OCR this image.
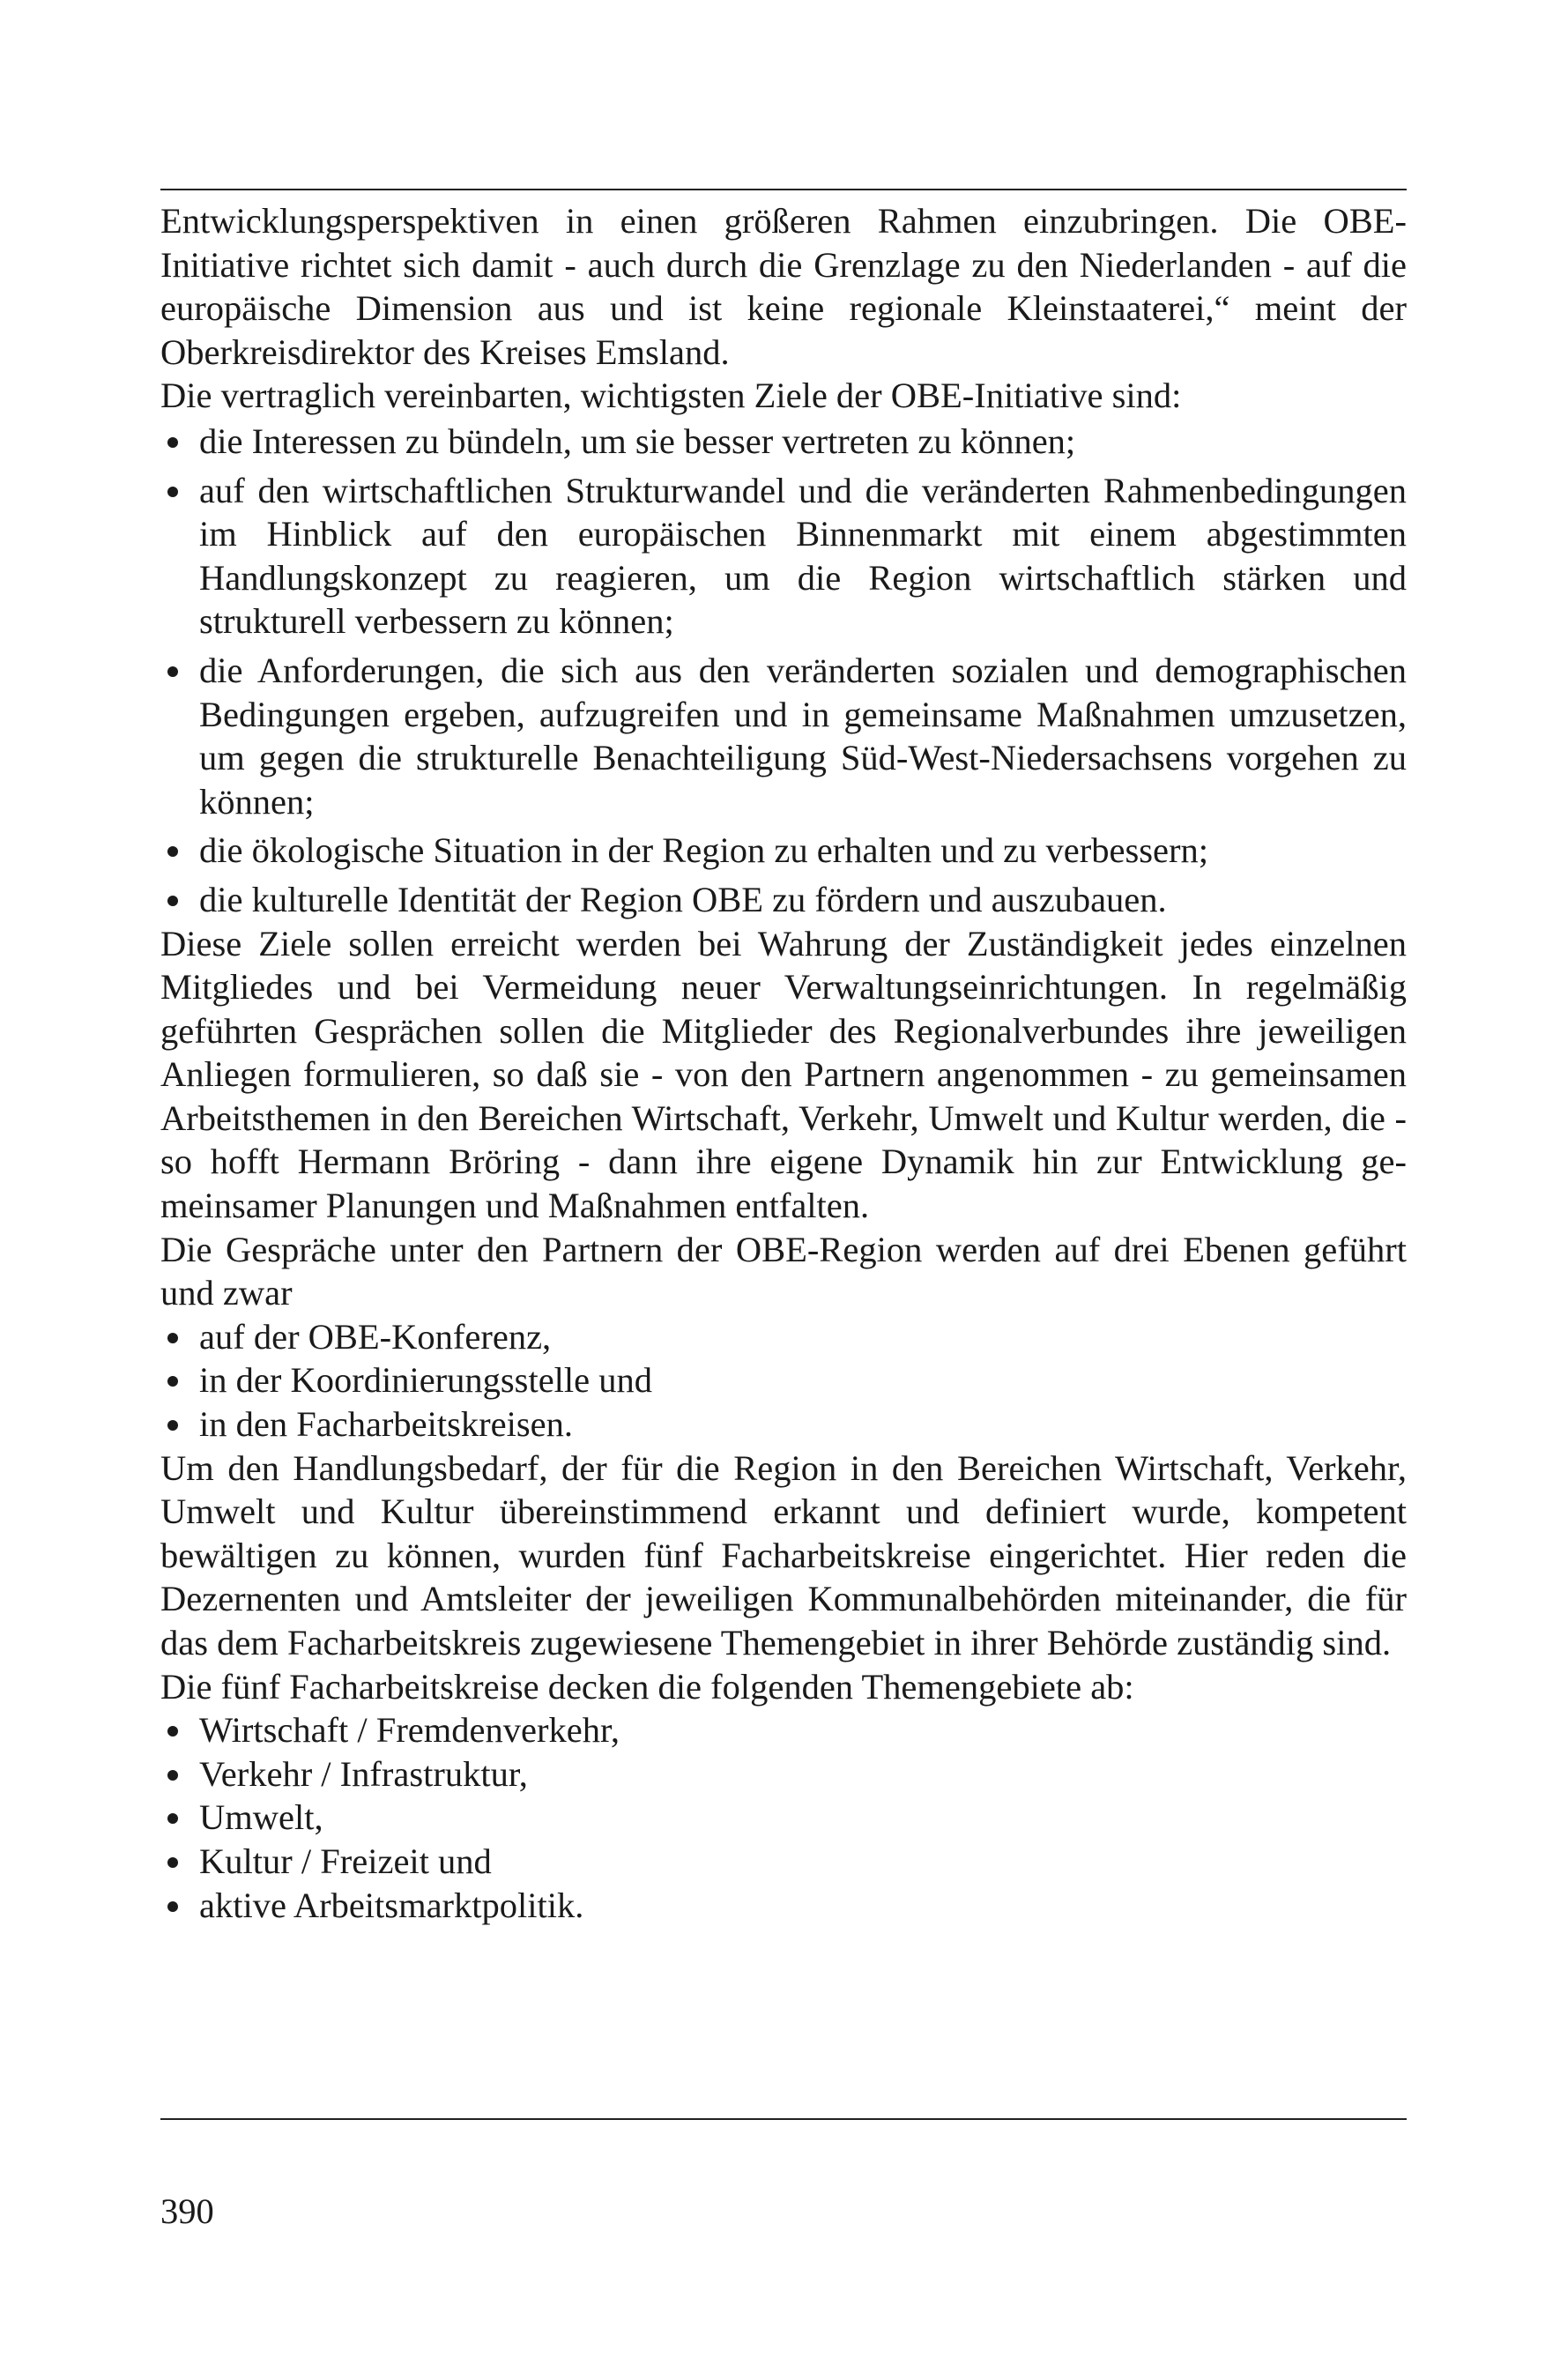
Entwicklungsperspektiven in einen größeren Rahmen einzubringen. Die OBE-Initiative richtet sich damit - auch durch die Grenzlage zu den Niederlanden - auf die europäische Dimension aus und ist keine regionale Kleinstaaterei,“ meint der Oberkreisdirektor des Kreises Emsland.

Die vertraglich vereinbarten, wichtigsten Ziele der OBE-Initiative sind:

die Interessen zu bündeln, um sie besser vertreten zu können;
auf den wirtschaftlichen Strukturwandel und die veränderten Rahmenbedingungen im Hinblick auf den europäischen Binnenmarkt mit einem abgestimmten Handlungskonzept zu reagieren, um die Region wirtschaftlich stärken und strukturell verbessern zu können;
die Anforderungen, die sich aus den veränderten sozialen und demographischen Bedingungen ergeben, aufzugreifen und in gemeinsame Maßnahmen umzusetzen, um gegen die strukturelle Benachteiligung Süd-West-Niedersachsens vorgehen zu können;
die ökologische Situation in der Region zu erhalten und zu verbessern;
die kulturelle Identität der Region OBE zu fördern und auszubauen.

Diese Ziele sollen erreicht werden bei Wahrung der Zuständigkeit jedes einzelnen Mitgliedes und bei Vermeidung neuer Verwaltungseinrichtungen. In regelmäßig geführten Gesprächen sollen die Mitglieder des Regionalverbundes ihre jeweiligen Anliegen formulieren, so daß sie - von den Partnern angenommen - zu gemeinsamen Arbeitsthemen in den Bereichen Wirtschaft, Verkehr, Umwelt und Kultur werden, die - so hofft Hermann Bröring - dann ihre eigene Dynamik hin zur Entwicklung gemeinsamer Planungen und Maßnahmen entfalten.

Die Gespräche unter den Partnern der OBE-Region werden auf drei Ebenen geführt und zwar

auf der OBE-Konferenz,
in der Koordinierungsstelle und
in den Facharbeitskreisen.

Um den Handlungsbedarf, der für die Region in den Bereichen Wirtschaft, Verkehr, Umwelt und Kultur übereinstimmend erkannt und definiert wurde, kompetent bewältigen zu können, wurden fünf Facharbeitskreise eingerichtet. Hier reden die Dezernenten und Amtsleiter der jeweiligen Kommunalbehörden miteinander, die für das dem Facharbeitskreis zugewiesene Themengebiet in ihrer Behörde zuständig sind.

Die fünf Facharbeitskreise decken die folgenden Themengebiete ab:

Wirtschaft / Fremdenverkehr,
Verkehr / Infrastruktur,
Umwelt,
Kultur / Freizeit und
aktive Arbeitsmarktpolitik.
390
